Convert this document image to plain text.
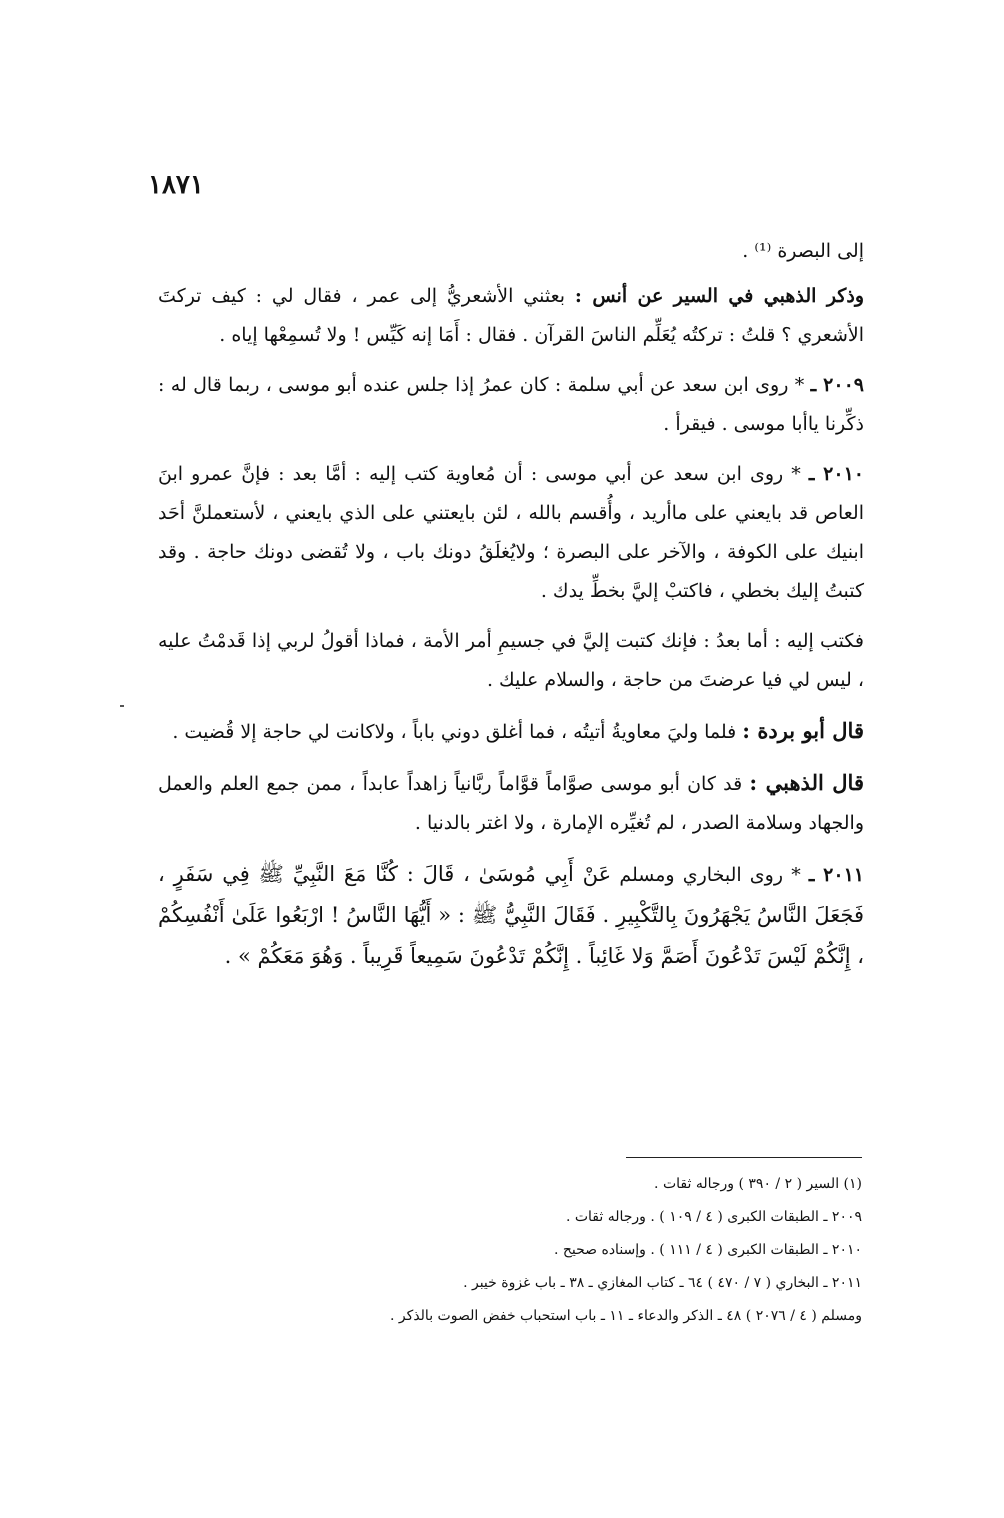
١٨٧١

إلى البصرة ⁽¹⁾ .

وذكر الذهبي في السير عن أنس : بعثني الأشعريُّ إلى عمر ، فقال لي : كيف تركتَ الأشعري ؟ قلتُ : تركتُه يُعَلِّم الناسَ القرآن . فقال : أَمَا إنه كَيِّس ! ولا تُسمِعْها إياه .

٢٠٠٩ ـ * روى ابن سعد عن أبي سلمة : كان عمرُ إذا جلس عنده أبو موسى ، ربما قال له : ذكِّرنا ياأبا موسى . فيقرأ .

٢٠١٠ ـ * روى ابن سعد عن أبي موسى : أن مُعاوية كتب إليه : أمَّا بعد : فإنَّ عمرو ابنَ العاص قد بايعني على ماأريد ، وأُقسم بالله ، لئن بايعتني على الذي بايعني ، لأستعملنَّ أحَد ابنيك على الكوفة ، والآخر على البصرة ؛ ولايُغلَقُ دونك باب ، ولا تُقضى دونك حاجة . وقد كتبتُ إليك بخطي ، فاكتبْ إليَّ بخطِّ يدك .

فكتب إليه : أما بعدُ : فإنك كتبت إليَّ في جسيمِ أمر الأمة ، فماذا أقولُ لربي إذا قَدمْتُ عليه ، ليس لي فيا عرضتَ من حاجة ، والسلام عليك .

قال أبو بردة : فلما وليَ معاويةُ أتيتُه ، فما أغلق دوني باباً ، ولاكانت لي حاجة إلا قُضيت .

قال الذهبي : قد كان أبو موسى صوَّاماً قوَّاماً ربَّانياً زاهداً عابداً ، ممن جمع العلم والعمل والجهاد وسلامة الصدر ، لم تُغيِّره الإمارة ، ولا اغتر بالدنيا .

٢٠١١ ـ * روى البخاري ومسلم عَنْ أَبِي مُوسَىٰ ، قَالَ : كُنَّا مَعَ النَّبِيِّ ﷺ فِي سَفَرٍ ، فَجَعَلَ النَّاسُ يَجْهَرُونَ بِالتَّكْبِيرِ . فَقَالَ النَّبِيُّ ﷺ : « أَيُّهَا النَّاسُ ! ارْبَعُوا عَلَىٰ أَنْفُسِكُمْ ، إِنَّكُمْ لَيْسَ تَدْعُونَ أَصَمَّ وَلا غَائِباً . إِنَّكُمْ تَدْعُونَ سَمِيعاً قَرِيباً . وَهُوَ مَعَكُمْ » .

(١) السير ( ٢ / ٣٩٠ ) ورجاله ثقات .

٢٠٠٩ ـ الطبقات الكبرى ( ٤ / ١٠٩ ) . ورجاله ثقات .

٢٠١٠ ـ الطبقات الكبرى ( ٤ / ١١١ ) . وإسناده صحيح .

٢٠١١ ـ البخاري ( ٧ / ٤٧٠ ) ٦٤ ـ كتاب المغازي ـ ٣٨ ـ باب غزوة خيبر .

ومسلم ( ٤ / ٢٠٧٦ ) ٤٨ ـ الذكر والدعاء ـ ١١ ـ باب استحباب خفض الصوت بالذكر .
